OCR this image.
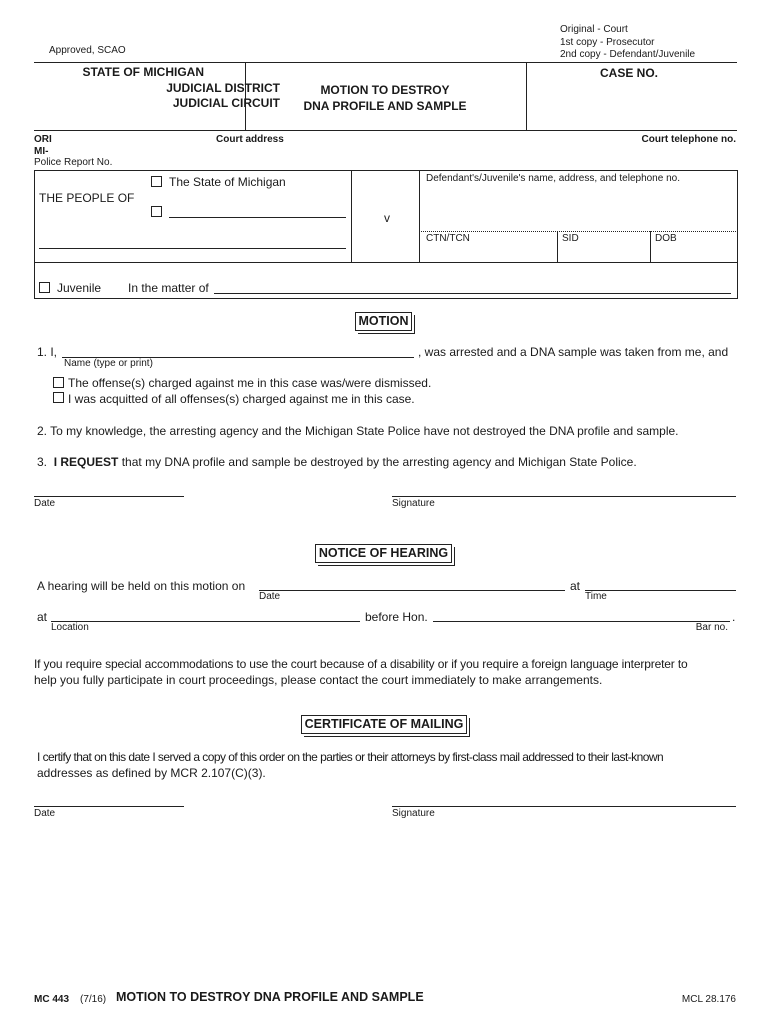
Approved, SCAO
Original - Court
1st copy - Prosecutor
2nd copy - Defendant/Juvenile
STATE OF MICHIGAN
JUDICIAL DISTRICT
JUDICIAL CIRCUIT
MOTION TO DESTROY
DNA PROFILE AND SAMPLE
CASE NO.
ORI
MI-
Police Report No.
Court address	Court telephone no.
THE PEOPLE OF
The State of Michigan
v
Defendant's/Juvenile's name, address, and telephone no.
CTN/TCN	SID	DOB
Juvenile In the matter of
MOTION
1. I,	, was arrested and a DNA sample was taken from me, and
Name (type or print)
The offense(s) charged against me in this case was/were dismissed.
I was acquitted of all offenses(s) charged against me in this case.
2. To my knowledge, the arresting agency and the Michigan State Police have not destroyed the DNA profile and sample.
3. I REQUEST that my DNA profile and sample be destroyed by the arresting agency and Michigan State Police.
Date	Signature
NOTICE OF HEARING
A hearing will be held on this motion on
Date
at
Time
at
Location
before Hon.	.
Bar no.
If you require special accommodations to use the court because of a disability or if you require a foreign language interpreter to
help you fully participate in court proceedings, please contact the court immediately to make arrangements.
CERTIFICATE OF MAILING
I certify that on this date I served a copy of this order on the parties or their attorneys by first-class mail addressed to their last-known
addresses as defined by MCR 2.107(C)(3).
Date	Signature
MC 443 (7/16) MOTION TO DESTROY DNA PROFILE AND SAMPLE	MCL 28.176
